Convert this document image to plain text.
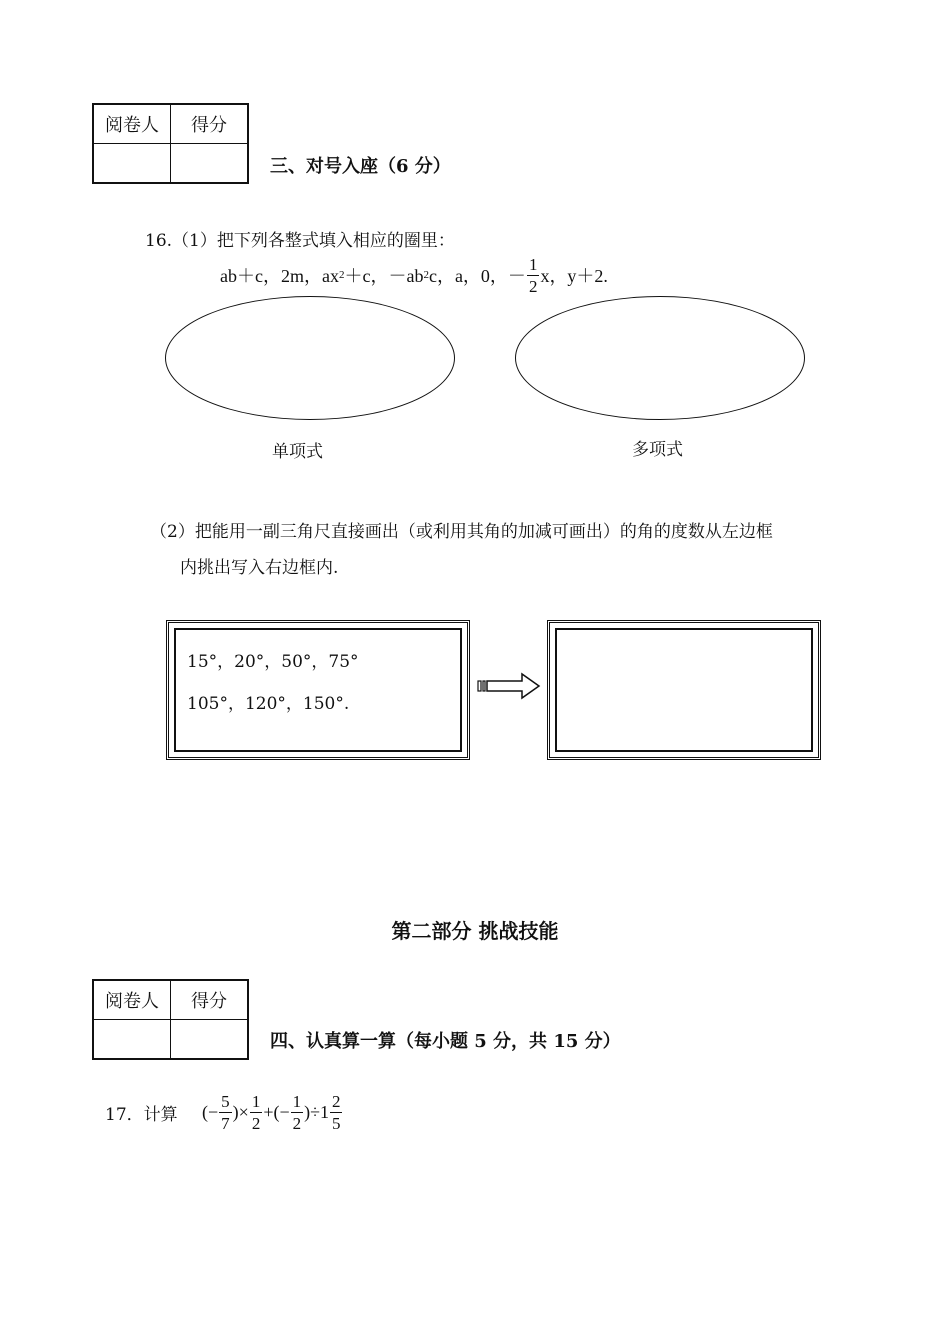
阅卷人	得分

三、对号入座（6 分）
16.（1）把下列各整式填入相应的圈里：
ab＋c，2m，ax 2 ＋c，－ab 2 c，a，0，－ $\frac{1}{2}$ x，y＋2.
单项式	多项式
（2）把能用一副三角尺直接画出（或利用其角的加减可画出）的角的度数从左边框
内挑出写入右边框内.
15°，20°，50°，75°
105°，120°，150°.
第二部分 挑战技能
阅卷人	得分

四、认真算一算（每小题 5 分，共 15 分）
17．计算 (− $\frac{5}{7}$ )× $\frac{1}{2}$ +(− $\frac{1}{2} )\div 1 \frac{2}{5}$
